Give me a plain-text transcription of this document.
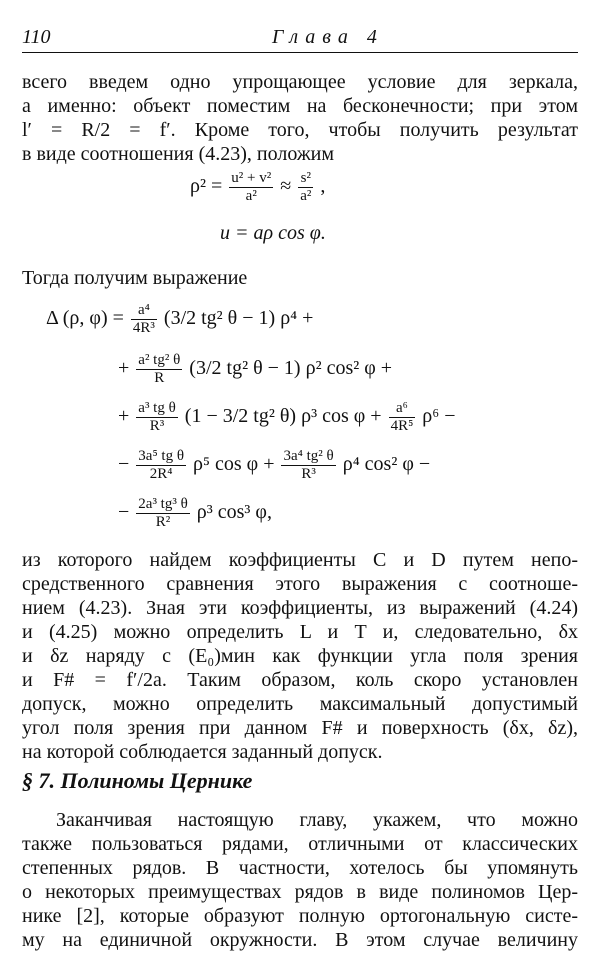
110	Глава 4
всего введем одно упрощающее условие для зеркала,
а именно: объект поместим на бесконечности; при этом
l′ = R/2 = f′. Кроме того, чтобы получить результат
в виде соотношения (4.23), положим
$\rho^2 = \frac{\text{u² + v²}}{\text{a²}} \approx \frac{\text{s²}}{\text{a²}}$ ,
u = aρ cos φ.
Тогда получим выражение
Δ (ρ, $\varphi) = \frac{\text{a⁴}}{\text{4R³}} (3/2$ tg² θ − 1) ρ⁴ +
+ $\frac{\text{a² tg² θ}}{R} (3/2$ tg² θ − 1) ρ² cos² φ +
+ $\frac{\text{a³ tg θ}}{\text{R³}} (1 - 3/2$ tg² θ) ρ³ $\cos \varphi + \frac{\text{a⁶}}{\text{4R⁵}} \rho^6$ −
− $\frac{\text{3a⁵ tg θ}}{\text{2R⁴}} \rho^5$ $\cos \varphi + \frac{\text{3a⁴ tg² θ}}{\text{R³}} \rho^4$ cos² φ −
− $\frac{\text{2a³ tg³ θ}}{\text{R²}} \rho^3$ cos³ φ,
из которого найдем коэффициенты C и D путем непо-
средственного сравнения этого выражения с соотноше-
нием (4.23). Зная эти коэффициенты, из выражений (4.24)
и (4.25) можно определить L и T и, следовательно, δx
и δz наряду с (E₀)мин как функции угла поля зрения
и F# = f′/2a. Таким образом, коль скоро установлен
допуск, можно определить максимальный допустимый
угол поля зрения при данном F# и поверхность (δx, δz),
на которой соблюдается заданный допуск.
§ 7. Полиномы Цернике
Заканчивая настоящую главу, укажем, что можно
также пользоваться рядами, отличными от классических
степенных рядов. В частности, хотелось бы упомянуть
о некоторых преимуществах рядов в виде полиномов Цер-
нике [2], которые образуют полную ортогональную систе-
му на единичной окружности. В этом случае величину
